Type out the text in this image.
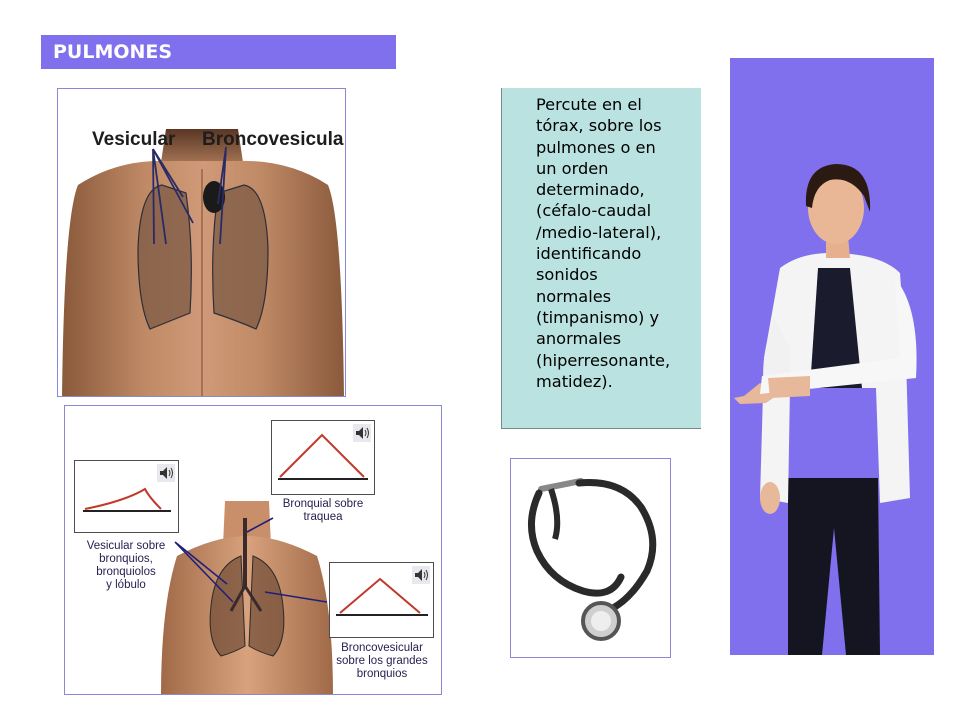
PULMONES
Vesicular Broncovesicula

Percute en el
tórax, sobre los
pulmones o en
un orden
determinado,
(céfalo-caudal
/medio-lateral),
identificando
sonidos
normales
(timpanismo) y
anormales
(hiperresonante,
matidez).

Vesicular sobre
bronquios,
bronquiolos
y lóbulo
Bronquial sobre
traquea
Broncovesicular
sobre los grandes
bronquios
